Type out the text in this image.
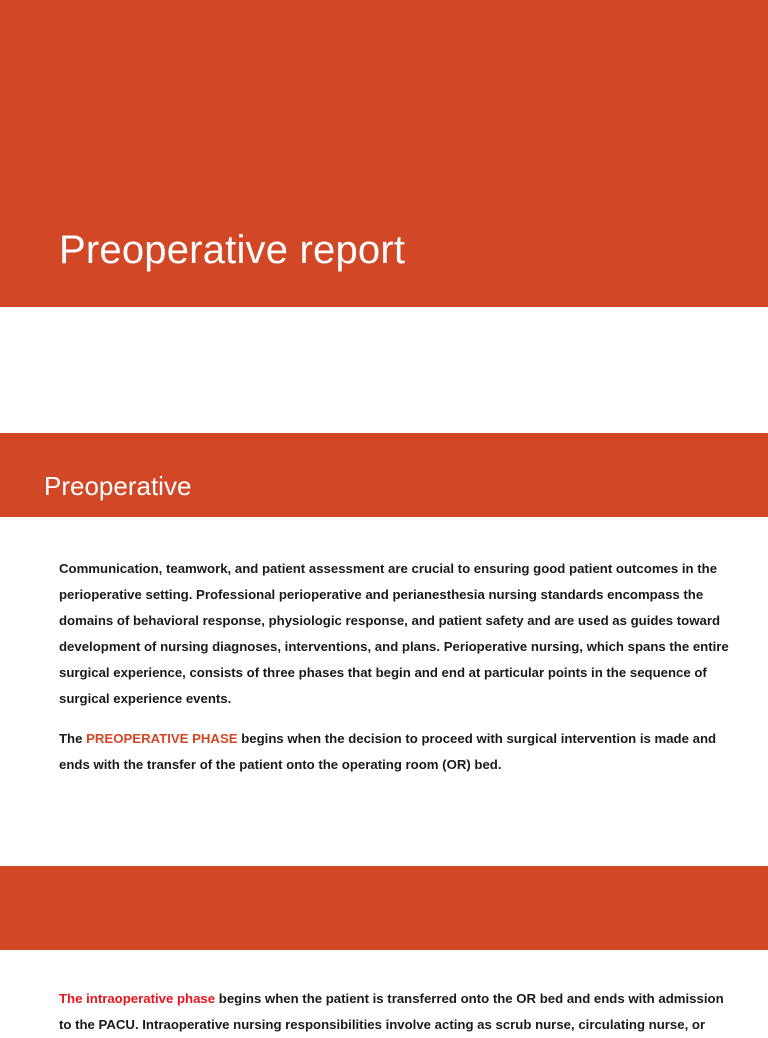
Preoperative report
Preoperative

Communication, teamwork, and patient assessment are crucial to ensuring good patient outcomes in the perioperative setting. Professional perioperative and perianesthesia nursing standards encompass the domains of behavioral response, physiologic response, and patient safety and are used as guides toward development of nursing diagnoses, interventions, and plans. Perioperative nursing, which spans the entire surgical experience, consists of three phases that begin and end at particular points in the sequence of surgical experience events.

The PREOPERATIVE PHASE begins when the decision to proceed with surgical intervention is made and ends with the transfer of the patient onto the operating room (OR) bed.

The intraoperative phase begins when the patient is transferred onto the OR bed and ends with admission to the PACU. Intraoperative nursing responsibilities involve acting as scrub nurse, circulating nurse, or
